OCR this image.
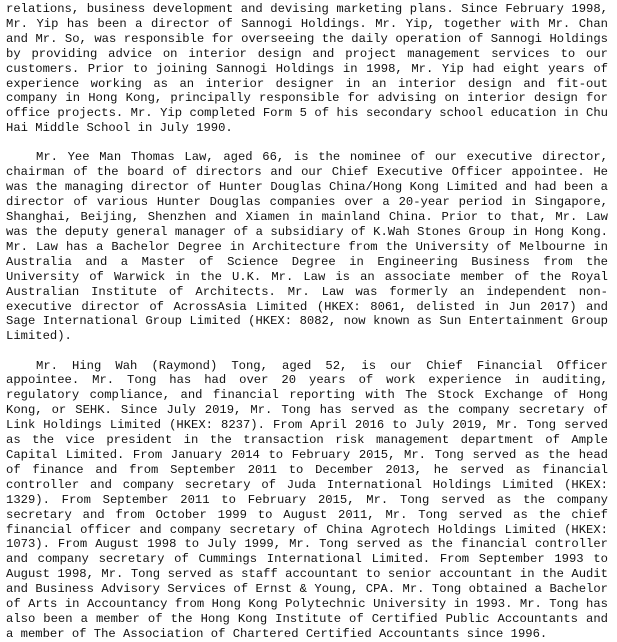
relations, business development and devising marketing plans. Since February 1998, Mr. Yip has been a director of Sannogi Holdings. Mr. Yip, together with Mr. Chan and Mr. So, was responsible for overseeing the daily operation of Sannogi Holdings by providing advice on interior design and project management services to our customers. Prior to joining Sannogi Holdings in 1998, Mr. Yip had eight years of experience working as an interior designer in an interior design and fit-out company in Hong Kong, principally responsible for advising on interior design for office projects. Mr. Yip completed Form 5 of his secondary school education in Chu Hai Middle School in July 1990.

Mr. Yee Man Thomas Law, aged 66, is the nominee of our executive director, chairman of the board of directors and our Chief Executive Officer appointee. He was the managing director of Hunter Douglas China/Hong Kong Limited and had been a director of various Hunter Douglas companies over a 20-year period in Singapore, Shanghai, Beijing, Shenzhen and Xiamen in mainland China. Prior to that, Mr. Law was the deputy general manager of a subsidiary of K.Wah Stones Group in Hong Kong. Mr. Law has a Bachelor Degree in Architecture from the University of Melbourne in Australia and a Master of Science Degree in Engineering Business from the University of Warwick in the U.K. Mr. Law is an associate member of the Royal Australian Institute of Architects. Mr. Law was formerly an independent non-executive director of AcrossAsia Limited (HKEX: 8061, delisted in Jun 2017) and Sage International Group Limited (HKEX: 8082, now known as Sun Entertainment Group Limited).

Mr. Hing Wah (Raymond) Tong, aged 52, is our Chief Financial Officer appointee. Mr. Tong has had over 20 years of work experience in auditing, regulatory compliance, and financial reporting with The Stock Exchange of Hong Kong, or SEHK. Since July 2019, Mr. Tong has served as the company secretary of Link Holdings Limited (HKEX: 8237). From April 2016 to July 2019, Mr. Tong served as the vice president in the transaction risk management department of Ample Capital Limited. From January 2014 to February 2015, Mr. Tong served as the head of finance and from September 2011 to December 2013, he served as financial controller and company secretary of Juda International Holdings Limited (HKEX: 1329). From September 2011 to February 2015, Mr. Tong served as the company secretary and from October 1999 to August 2011, Mr. Tong served as the chief financial officer and company secretary of China Agrotech Holdings Limited (HKEX: 1073). From August 1998 to July 1999, Mr. Tong served as the financial controller and company secretary of Cummings International Limited. From September 1993 to August 1998, Mr. Tong served as staff accountant to senior accountant in the Audit and Business Advisory Services of Ernst & Young, CPA. Mr. Tong obtained a Bachelor of Arts in Accountancy from Hong Kong Polytechnic University in 1993. Mr. Tong has also been a member of the Hong Kong Institute of Certified Public Accountants and a member of The Association of Chartered Certified Accountants since 1996.
